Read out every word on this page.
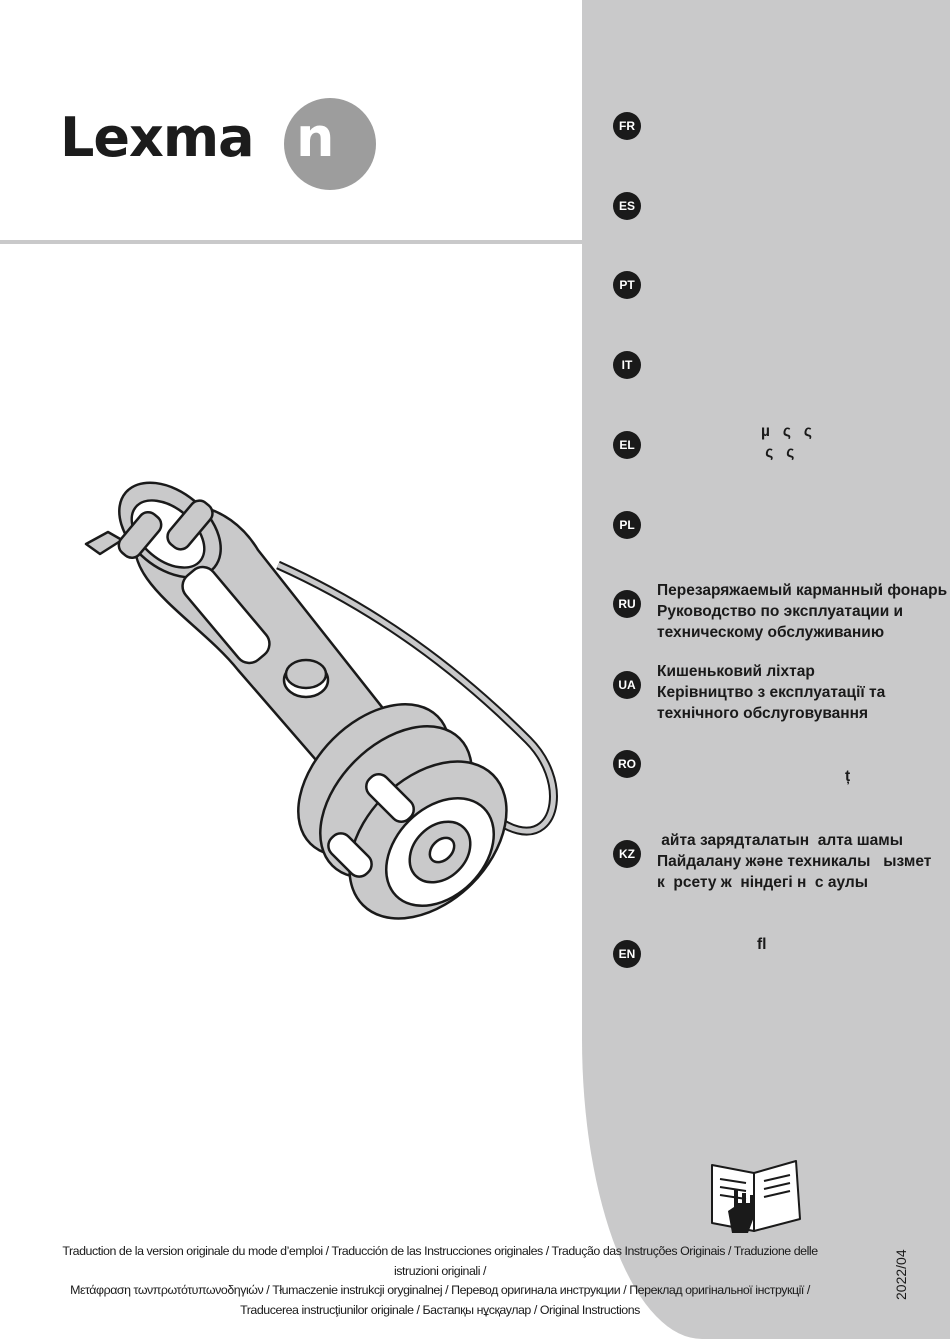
Lexma n	FR
ES
PT
IT
EL
µ   ς   ς
ς   ς
PL
RU
Перезаряжаемый карманный фонарь
Руководство по эксплуатации и
техническому обслуживанию
UA
Кишеньковий ліхтар
Керівництво з експлуатації та
технічного обслуговування
RO
ț
KZ
айта зарядталатын  алта шамы
Пайдалану және техникалы   ызмет
к  рсету ж  ніндегі н  с аулы
EN
ﬂ
Traduction de la version originale du mode d’emploi / Traducción de las Instrucciones originales / Tradução das Instruções Originais / Traduzione delle istruzioni originali /
Μετάφραση τωνπρωτότυπωνοδηγιών / Tłumaczenie instrukcji oryginalnej / Перевод оригинала инструкции / Переклад оригінальної інструкції /
Traducerea instrucţiunilor originale / Бастапқы нұсқаулар / Original Instructions
2022/04
